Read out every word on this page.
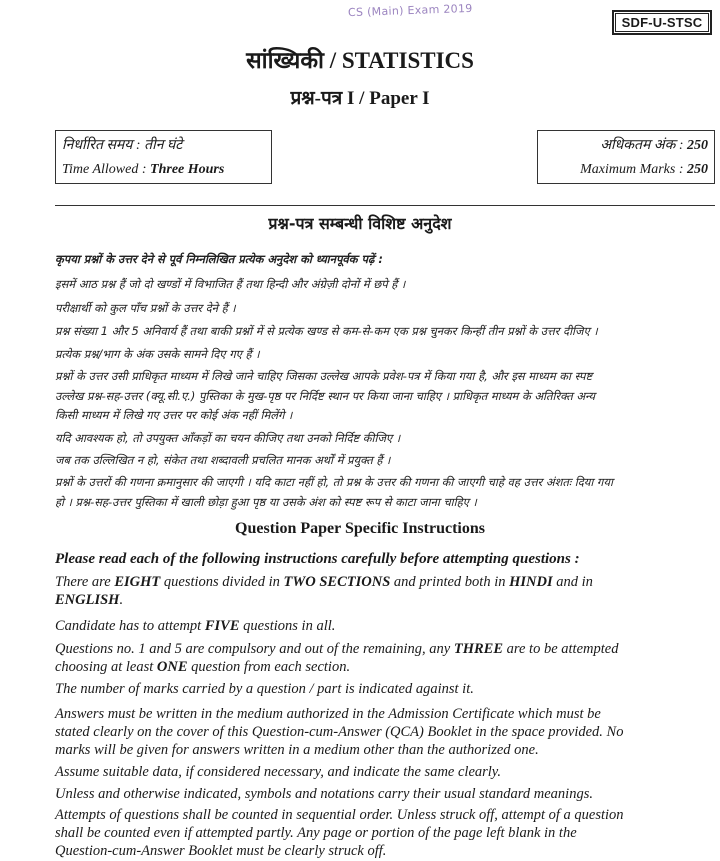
CS (Main) Exam 2019
SDF-U-STSC
सांख्यिकी / STATISTICS
प्रश्न-पत्र I / Paper I
निर्धारित समय : तीन घंटे
Time Allowed : Three Hours
अधिकतम अंक : 250
Maximum Marks : 250
प्रश्न-पत्र सम्बन्धी विशिष्ट अनुदेश
कृपया प्रश्नों के उत्तर देने से पूर्व निम्नलिखित प्रत्येक अनुदेश को ध्यानपूर्वक पढ़ें :
इसमें आठ प्रश्न हैं जो दो खण्डों में विभाजित हैं तथा हिन्दी और अंग्रेज़ी दोनों में छपे हैं ।
परीक्षार्थी को कुल पाँच प्रश्नों के उत्तर देने हैं ।
प्रश्न संख्या 1 और 5 अनिवार्य हैं तथा बाकी प्रश्नों में से प्रत्येक खण्ड से कम-से-कम एक प्रश्न चुनकर किन्हीं तीन प्रश्नों के उत्तर दीजिए ।
प्रत्येक प्रश्न/भाग के अंक उसके सामने दिए गए हैं ।
प्रश्नों के उत्तर उसी प्राधिकृत माध्यम में लिखे जाने चाहिए जिसका उल्लेख आपके प्रवेश-पत्र में किया गया है, और इस माध्यम का स्पष्ट
उल्लेख प्रश्न-सह-उत्तर (क्यू.सी.ए.) पुस्तिका के मुख-पृष्ठ पर निर्दिष्ट स्थान पर किया जाना चाहिए । प्राधिकृत माध्यम के अतिरिक्त अन्य
किसी माध्यम में लिखे गए उत्तर पर कोई अंक नहीं मिलेंगे ।
यदि आवश्यक हो, तो उपयुक्त आँकड़ों का चयन कीजिए तथा उनको निर्दिष्ट कीजिए ।
जब तक उल्लिखित न हो, संकेत तथा शब्दावली प्रचलित मानक अर्थों में प्रयुक्त हैं ।
प्रश्नों के उत्तरों की गणना क्रमानुसार की जाएगी । यदि काटा नहीं हो, तो प्रश्न के उत्तर की गणना की जाएगी चाहे वह उत्तर अंशतः दिया गया
हो । प्रश्न-सह-उत्तर पुस्तिका में खाली छोड़ा हुआ पृष्ठ या उसके अंश को स्पष्ट रूप से काटा जाना चाहिए ।
Question Paper Specific Instructions
Please read each of the following instructions carefully before attempting questions :
There are EIGHT questions divided in TWO SECTIONS and printed both in HINDI and in
ENGLISH.
Candidate has to attempt FIVE questions in all.
Questions no. 1 and 5 are compulsory and out of the remaining, any THREE are to be attempted
choosing at least ONE question from each section.
The number of marks carried by a question / part is indicated against it.
Answers must be written in the medium authorized in the Admission Certificate which must be
stated clearly on the cover of this Question-cum-Answer (QCA) Booklet in the space provided. No
marks will be given for answers written in a medium other than the authorized one.
Assume suitable data, if considered necessary, and indicate the same clearly.
Unless and otherwise indicated, symbols and notations carry their usual standard meanings.
Attempts of questions shall be counted in sequential order. Unless struck off, attempt of a question
shall be counted even if attempted partly. Any page or portion of the page left blank in the
Question-cum-Answer Booklet must be clearly struck off.
